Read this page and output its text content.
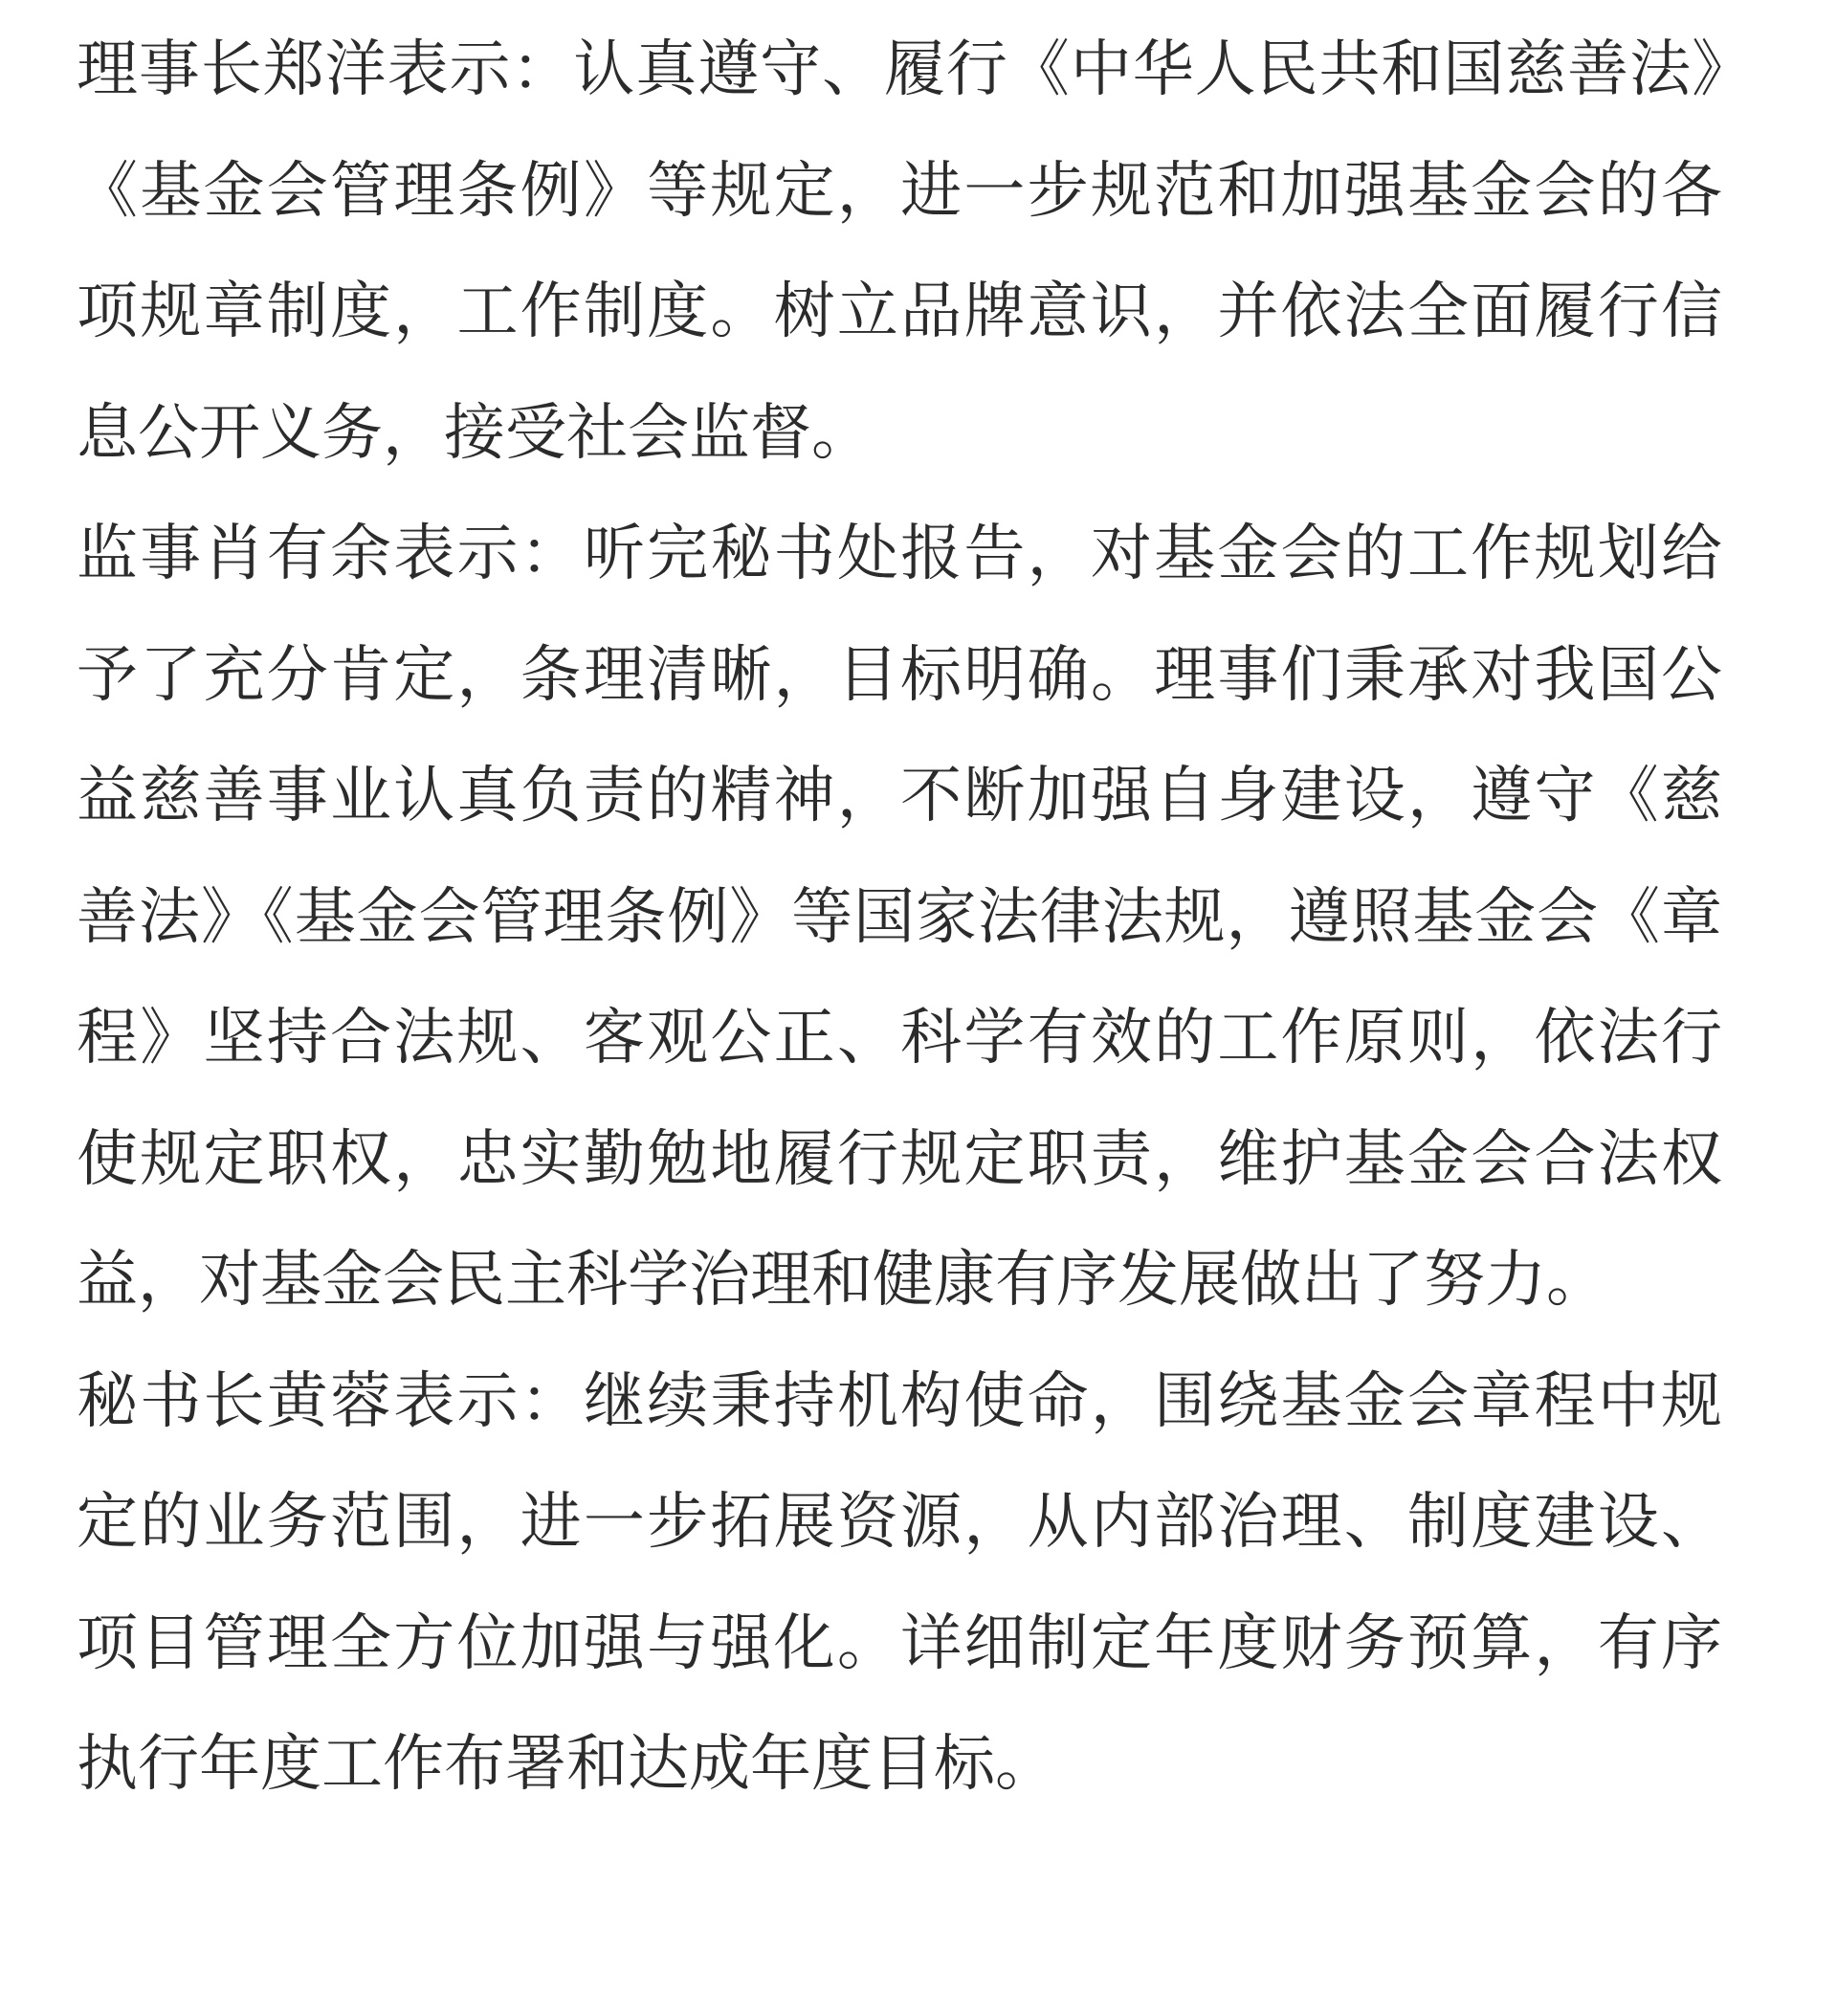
理事长郑洋表示：认真遵守、履行《中华人民共和国慈善法》《基金会管理条例》等规定，进一步规范和加强基金会的各项规章制度，工作制度。树立品牌意识，并依法全面履行信息公开义务，接受社会监督。

监事肖有余表示：听完秘书处报告，对基金会的工作规划给予了充分肯定，条理清晰，目标明确。理事们秉承对我国公益慈善事业认真负责的精神，不断加强自身建设，遵守《慈善法》《基金会管理条例》等国家法律法规，遵照基金会《章程》坚持合法规、客观公正、科学有效的工作原则，依法行使规定职权，忠实勤勉地履行规定职责，维护基金会合法权益，对基金会民主科学治理和健康有序发展做出了努力。

秘书长黄蓉表示：继续秉持机构使命，围绕基金会章程中规定的业务范围，进一步拓展资源，从内部治理、制度建设、项目管理全方位加强与强化。详细制定年度财务预算，有序执行年度工作布署和达成年度目标。
